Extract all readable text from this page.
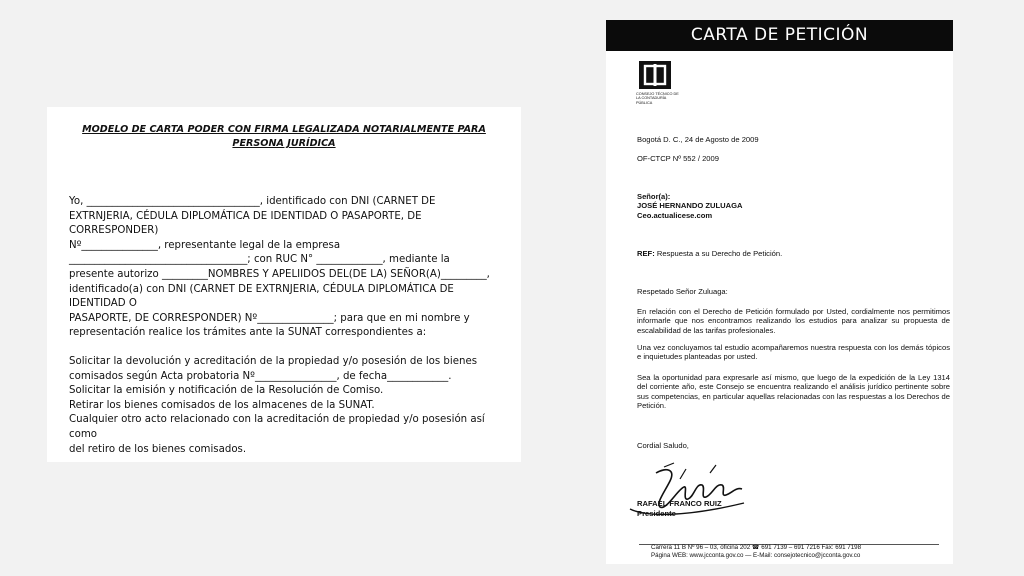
MODELO DE CARTA PODER CON FIRMA LEGALIZADA NOTARIALMENTE PARA PERSONA JURÍDICA

Yo, __________________________________, identificado con DNI (CARNET DE

EXTRNJERIA, CÉDULA DIPLOMÁTICA DE IDENTIDAD O PASAPORTE, DE CORRESPONDER)

Nº_______________, representante legal de la empresa

___________________________________; con RUC N° _____________, mediante la

presente autorizo _________NOMBRES Y APELIIDOS DEL(DE LA) SEÑOR(A)_________,

identificado(a) con DNI (CARNET DE EXTRNJERIA, CÉDULA DIPLOMÁTICA DE IDENTIDAD O

PASAPORTE, DE CORRESPONDER) Nº_______________; para que en mi nombre y

representación realice los trámites ante la SUNAT correspondientes a:

Solicitar la devolución y acreditación de la propiedad y/o posesión de los bienes

comisados según Acta probatoria Nº________________, de fecha____________.

Solicitar la emisión y notificación de la Resolución de Comiso.

Retirar los bienes comisados de los almacenes de la SUNAT.

Cualquier otro acto relacionado con la acreditación de propiedad y/o posesión así como

del retiro de los bienes comisados.

CARTA DE PETICIÓN
CONSEJO TÉCNICO DE LA CONTADURÍA PÚBLICA
Bogotá D. C., 24 de Agosto de 2009
OF-CTCP Nº 552 / 2009
Señor(a):
JOSÉ HERNANDO ZULUAGA
Ceo.actualicese.com
REF: Respuesta a su Derecho de Petición.
Respetado Señor Zuluaga:
En relación con el Derecho de Petición formulado por Usted, cordialmente nos permitimos informarle que nos encontramos realizando los estudios para analizar su propuesta de escalabilidad de las tarifas profesionales.
Una vez concluyamos tal estudio acompañaremos nuestra respuesta con los demás tópicos e inquietudes planteadas por usted.
Sea la oportunidad para expresarle así mismo, que luego de la expedición de la Ley 1314 del corriente año, este Consejo se encuentra realizando el análisis jurídico pertinente sobre sus competencias, en particular aquellas relacionadas con las respuestas a los Derechos de Petición.
Cordial Saludo,
RAFAEL FRANCO RUIZ
Presidente
Carrera 11 B Nº 96 – 03, oficina 202 ☎ 691 7139 – 691 7216 Fax: 691 7198
Página WEB: www.jcconta.gov.co — E-Mail: consejotecnico@jcconta.gov.co
